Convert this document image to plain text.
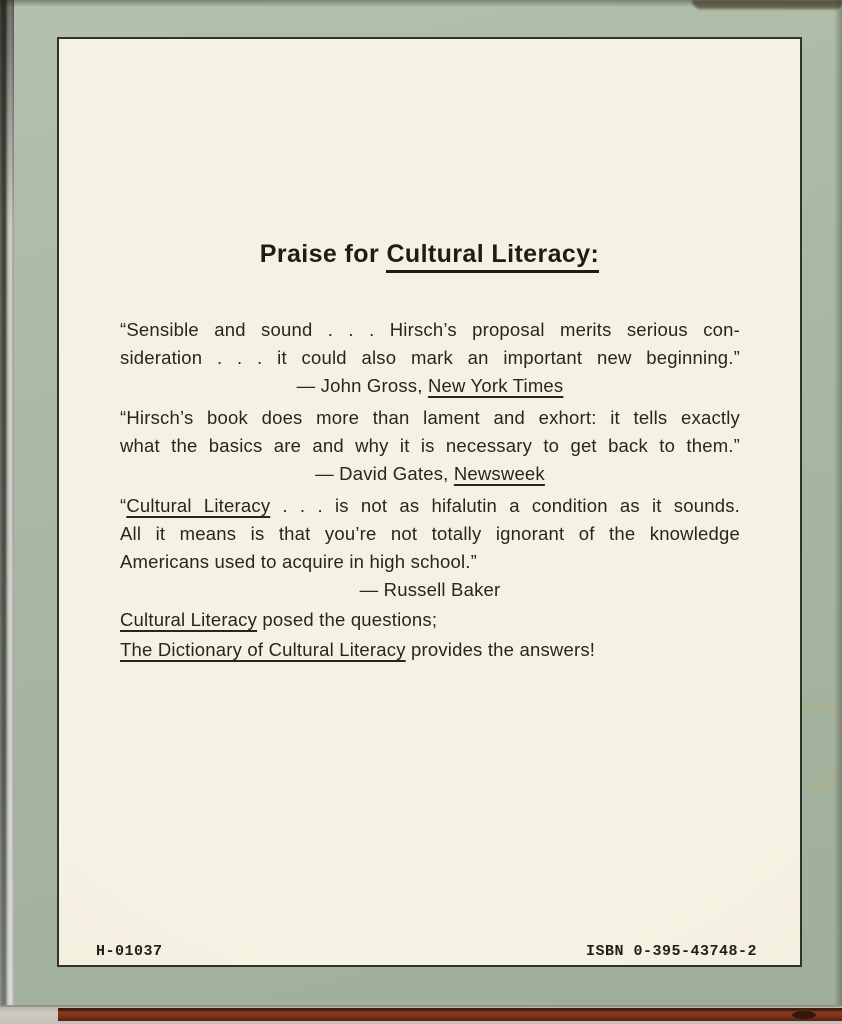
Praise for Cultural Literacy:
“Sensible and sound . . . Hirsch’s proposal merits serious con-
sideration . . . it could also mark an important new beginning.”
— John Gross, New York Times
“Hirsch’s book does more than lament and exhort: it tells exactly
what the basics are and why it is necessary to get back to them.”
— David Gates, Newsweek
“Cultural Literacy . . . is not as hifalutin a condition as it sounds.
All it means is that you’re not totally ignorant of the knowledge
Americans used to acquire in high school.”
— Russell Baker
Cultural Literacy posed the questions;
The Dictionary of Cultural Literacy provides the answers!
H-01037	ISBN 0-395-43748-2
